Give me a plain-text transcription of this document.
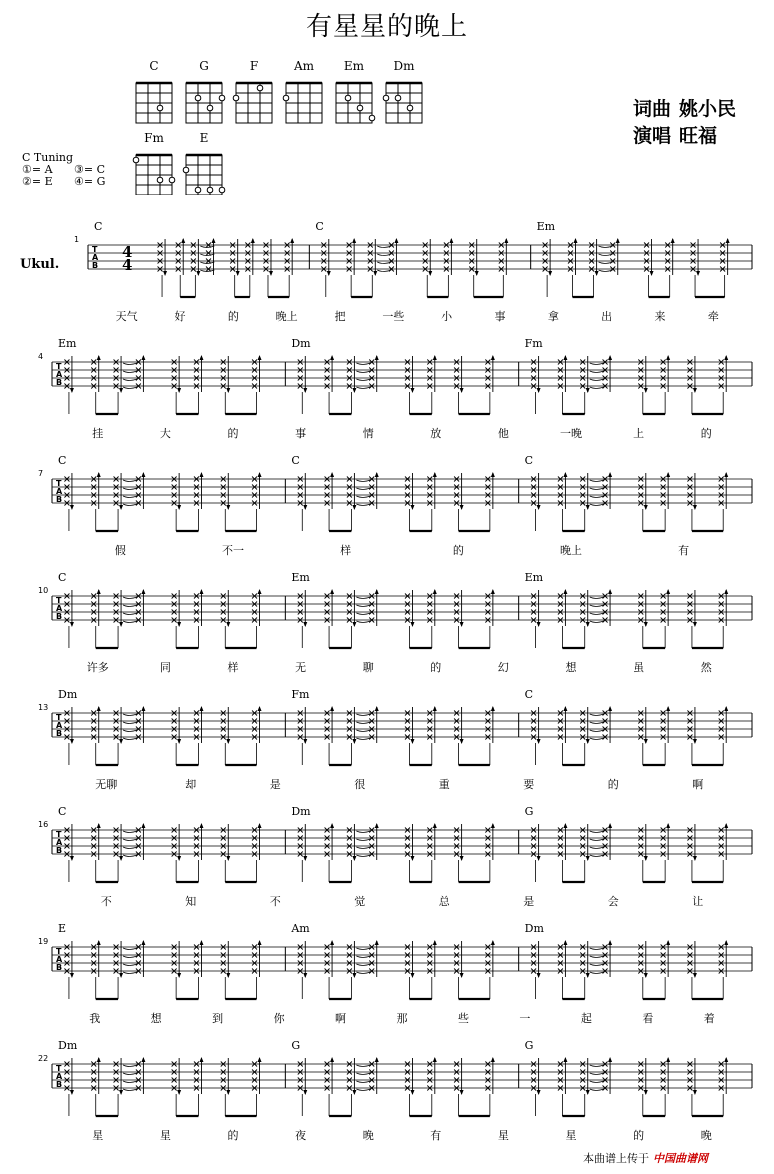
有星星的晚上
C	G	F	Am Em Dm
Fm	E
词曲 姚小民
演唱 旺福
C Tuning
①= A ③= C
②= E ④= G
Ukul.
T
A
B
4
4
1
C	C	Em
天气	好	的	晚上	把	一些	小	事	拿	出	来	牵
T
A
B
4
Em	Dm	Fm
挂	大	的	事	情	放	他	一晚	上	的
T
A
B
7
C	C	C
假	不一	样	的	晚上	有
T
A
B
10
C	Em	Em
许多	同	样	无	聊	的	幻	想	虽	然
T
A
B
13
Dm	Fm	C
无聊	却	是	很	重	要	的	啊
T
A
B
16
C	Dm	G
不	知	不	觉	总	是	会	让
T
A
B
19
E	Am	Dm
我	想	到	你	啊	那	些	一	起	看	着
T
A
B
22
Dm	G	G
星	星	的	夜	晚	有	星	星	的	晚
本曲谱上传于 中国曲谱网
